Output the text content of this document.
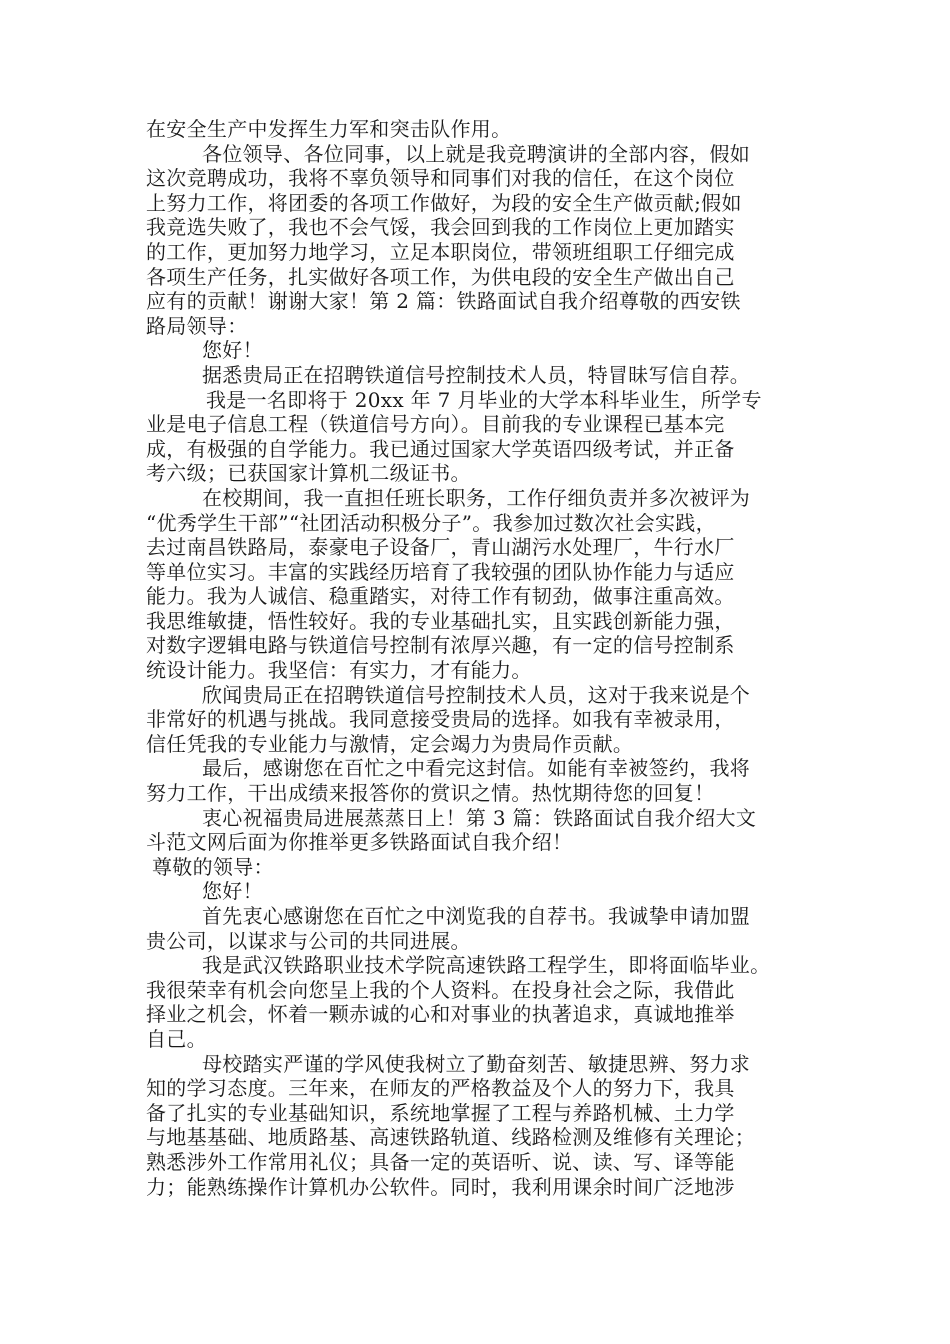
在安全生产中发挥生力军和突击队作用。
各位领导、各位同事，以上就是我竞聘演讲的全部内容，假如
这次竞聘成功，我将不辜负领导和同事们对我的信任，在这个岗位
上努力工作，将团委的各项工作做好，为段的安全生产做贡献;假如
我竞选失败了，我也不会气馁，我会回到我的工作岗位上更加踏实
的工作，更加努力地学习，立足本职岗位，带领班组职工仔细完成
各项生产任务，扎实做好各项工作，为供电段的安全生产做出自己
应有的贡献！谢谢大家！第 2 篇：铁路面试自我介绍尊敬的西安铁
路局领导：
您好！
据悉贵局正在招聘铁道信号控制技术人员，特冒昧写信自荐。
我是一名即将于 20xx 年 7 月毕业的大学本科毕业生，所学专
业是电子信息工程（铁道信号方向）。目前我的专业课程已基本完
成，有极强的自学能力。我已通过国家大学英语四级考试，并正备
考六级；已获国家计算机二级证书。
在校期间，我一直担任班长职务，工作仔细负责并多次被评为
“优秀学生干部”“社团活动积极分子”。我参加过数次社会实践，
去过南昌铁路局，泰豪电子设备厂，青山湖污水处理厂，牛行水厂
等单位实习。丰富的实践经历培育了我较强的团队协作能力与适应
能力。我为人诚信、稳重踏实，对待工作有韧劲，做事注重高效。
我思维敏捷，悟性较好。我的专业基础扎实，且实践创新能力强，
对数字逻辑电路与铁道信号控制有浓厚兴趣，有一定的信号控制系
统设计能力。我坚信：有实力，才有能力。
欣闻贵局正在招聘铁道信号控制技术人员，这对于我来说是个
非常好的机遇与挑战。我同意接受贵局的选择。如我有幸被录用，
信任凭我的专业能力与激情，定会竭力为贵局作贡献。
最后，感谢您在百忙之中看完这封信。如能有幸被签约，我将
努力工作，干出成绩来报答你的赏识之情。热忱期待您的回复！
衷心祝福贵局进展蒸蒸日上！第 3 篇：铁路面试自我介绍大文
斗范文网后面为你推举更多铁路面试自我介绍！
尊敬的领导：
您好！
首先衷心感谢您在百忙之中浏览我的自荐书。我诚挚申请加盟
贵公司，以谋求与公司的共同进展。
我是武汉铁路职业技术学院高速铁路工程学生，即将面临毕业。
我很荣幸有机会向您呈上我的个人资料。在投身社会之际，我借此
择业之机会，怀着一颗赤诚的心和对事业的执著追求，真诚地推举
自己。
母校踏实严谨的学风使我树立了勤奋刻苦、敏捷思辨、努力求
知的学习态度。三年来，在师友的严格教益及个人的努力下，我具
备了扎实的专业基础知识，系统地掌握了工程与养路机械、土力学
与地基基础、地质路基、高速铁路轨道、线路检测及维修有关理论；
熟悉涉外工作常用礼仪；具备一定的英语听、说、读、写、译等能
力；能熟练操作计算机办公软件。同时，我利用课余时间广泛地涉
